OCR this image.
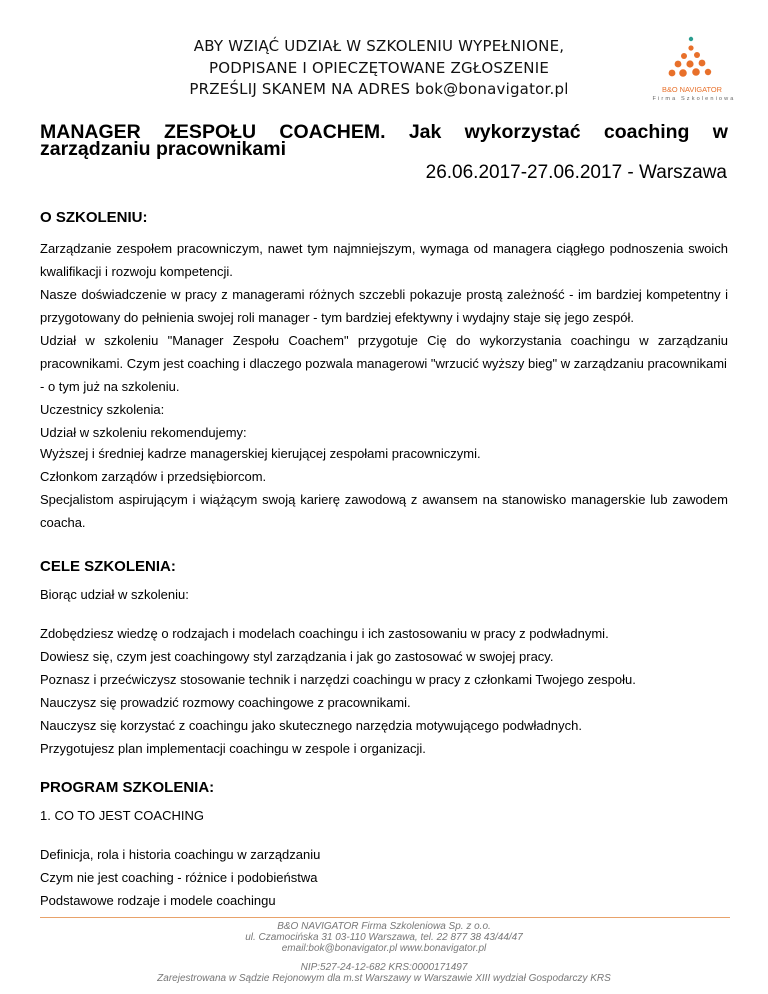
ABY WZIĄĆ UDZIAŁ W SZKOLENIU WYPEŁNIONE,
PODPISANE I OPIECZĘTOWANE ZGŁOSZENIE
PRZEŚLIJ SKANEM NA ADRES bok@bonavigator.pl	B&O NAVIGATOR
Firma Szkoleniowa
MANAGER ZESPOŁU COACHEM. Jak wykorzystać coaching w
zarządzaniu pracownikami
26.06.2017-27.06.2017 - Warszawa
O SZKOLENIU:
Zarządzanie zespołem pracowniczym, nawet tym najmniejszym, wymaga od managera ciągłego podnoszenia swoich
kwalifikacji i rozwoju kompetencji.
Nasze doświadczenie w pracy z managerami różnych szczebli pokazuje prostą zależność - im bardziej kompetentny i
przygotowany do pełnienia swojej roli manager - tym bardziej efektywny i wydajny staje się jego zespół.
Udział w szkoleniu "Manager Zespołu Coachem" przygotuje Cię do wykorzystania coachingu w zarządzaniu
pracownikami. Czym jest coaching i dlaczego pozwala managerowi "wrzucić wyższy bieg" w zarządzaniu pracownikami
- o tym już na szkoleniu.
Uczestnicy szkolenia:
Udział w szkoleniu rekomendujemy:
Wyższej i średniej kadrze managerskiej kierującej zespołami pracowniczymi.
Członkom zarządów i przedsiębiorcom.
Specjalistom aspirującym i wiążącym swoją karierę zawodową z awansem na stanowisko managerskie lub zawodem
coacha.
CELE SZKOLENIA:
Biorąc udział w szkoleniu:
Zdobędziesz wiedzę o rodzajach i modelach coachingu i ich zastosowaniu w pracy z podwładnymi.
Dowiesz się, czym jest coachingowy styl zarządzania i jak go zastosować w swojej pracy.
Poznasz i przećwiczysz stosowanie technik i narzędzi coachingu w pracy z członkami Twojego zespołu.
Nauczysz się prowadzić rozmowy coachingowe z pracownikami.
Nauczysz się korzystać z coachingu jako skutecznego narzędzia motywującego podwładnych.
Przygotujesz plan implementacji coachingu w zespole i organizacji.
PROGRAM SZKOLENIA:
1. CO TO JEST COACHING
Definicja, rola i historia coachingu w zarządzaniu
Czym nie jest coaching - różnice i podobieństwa
Podstawowe rodzaje i modele coachingu
B&O NAVIGATOR Firma Szkoleniowa Sp. z o.o.
ul. Czamocińska 31 03-110 Warszawa, tel. 22 877 38 43/44/47
email:bok@bonavigator.pl www.bonavigator.pl
NIP:527-24-12-682 KRS:0000171497
Zarejestrowana w Sądzie Rejonowym dla m.st Warszawy w Warszawie XIII wydział Gospodarczy KRS
